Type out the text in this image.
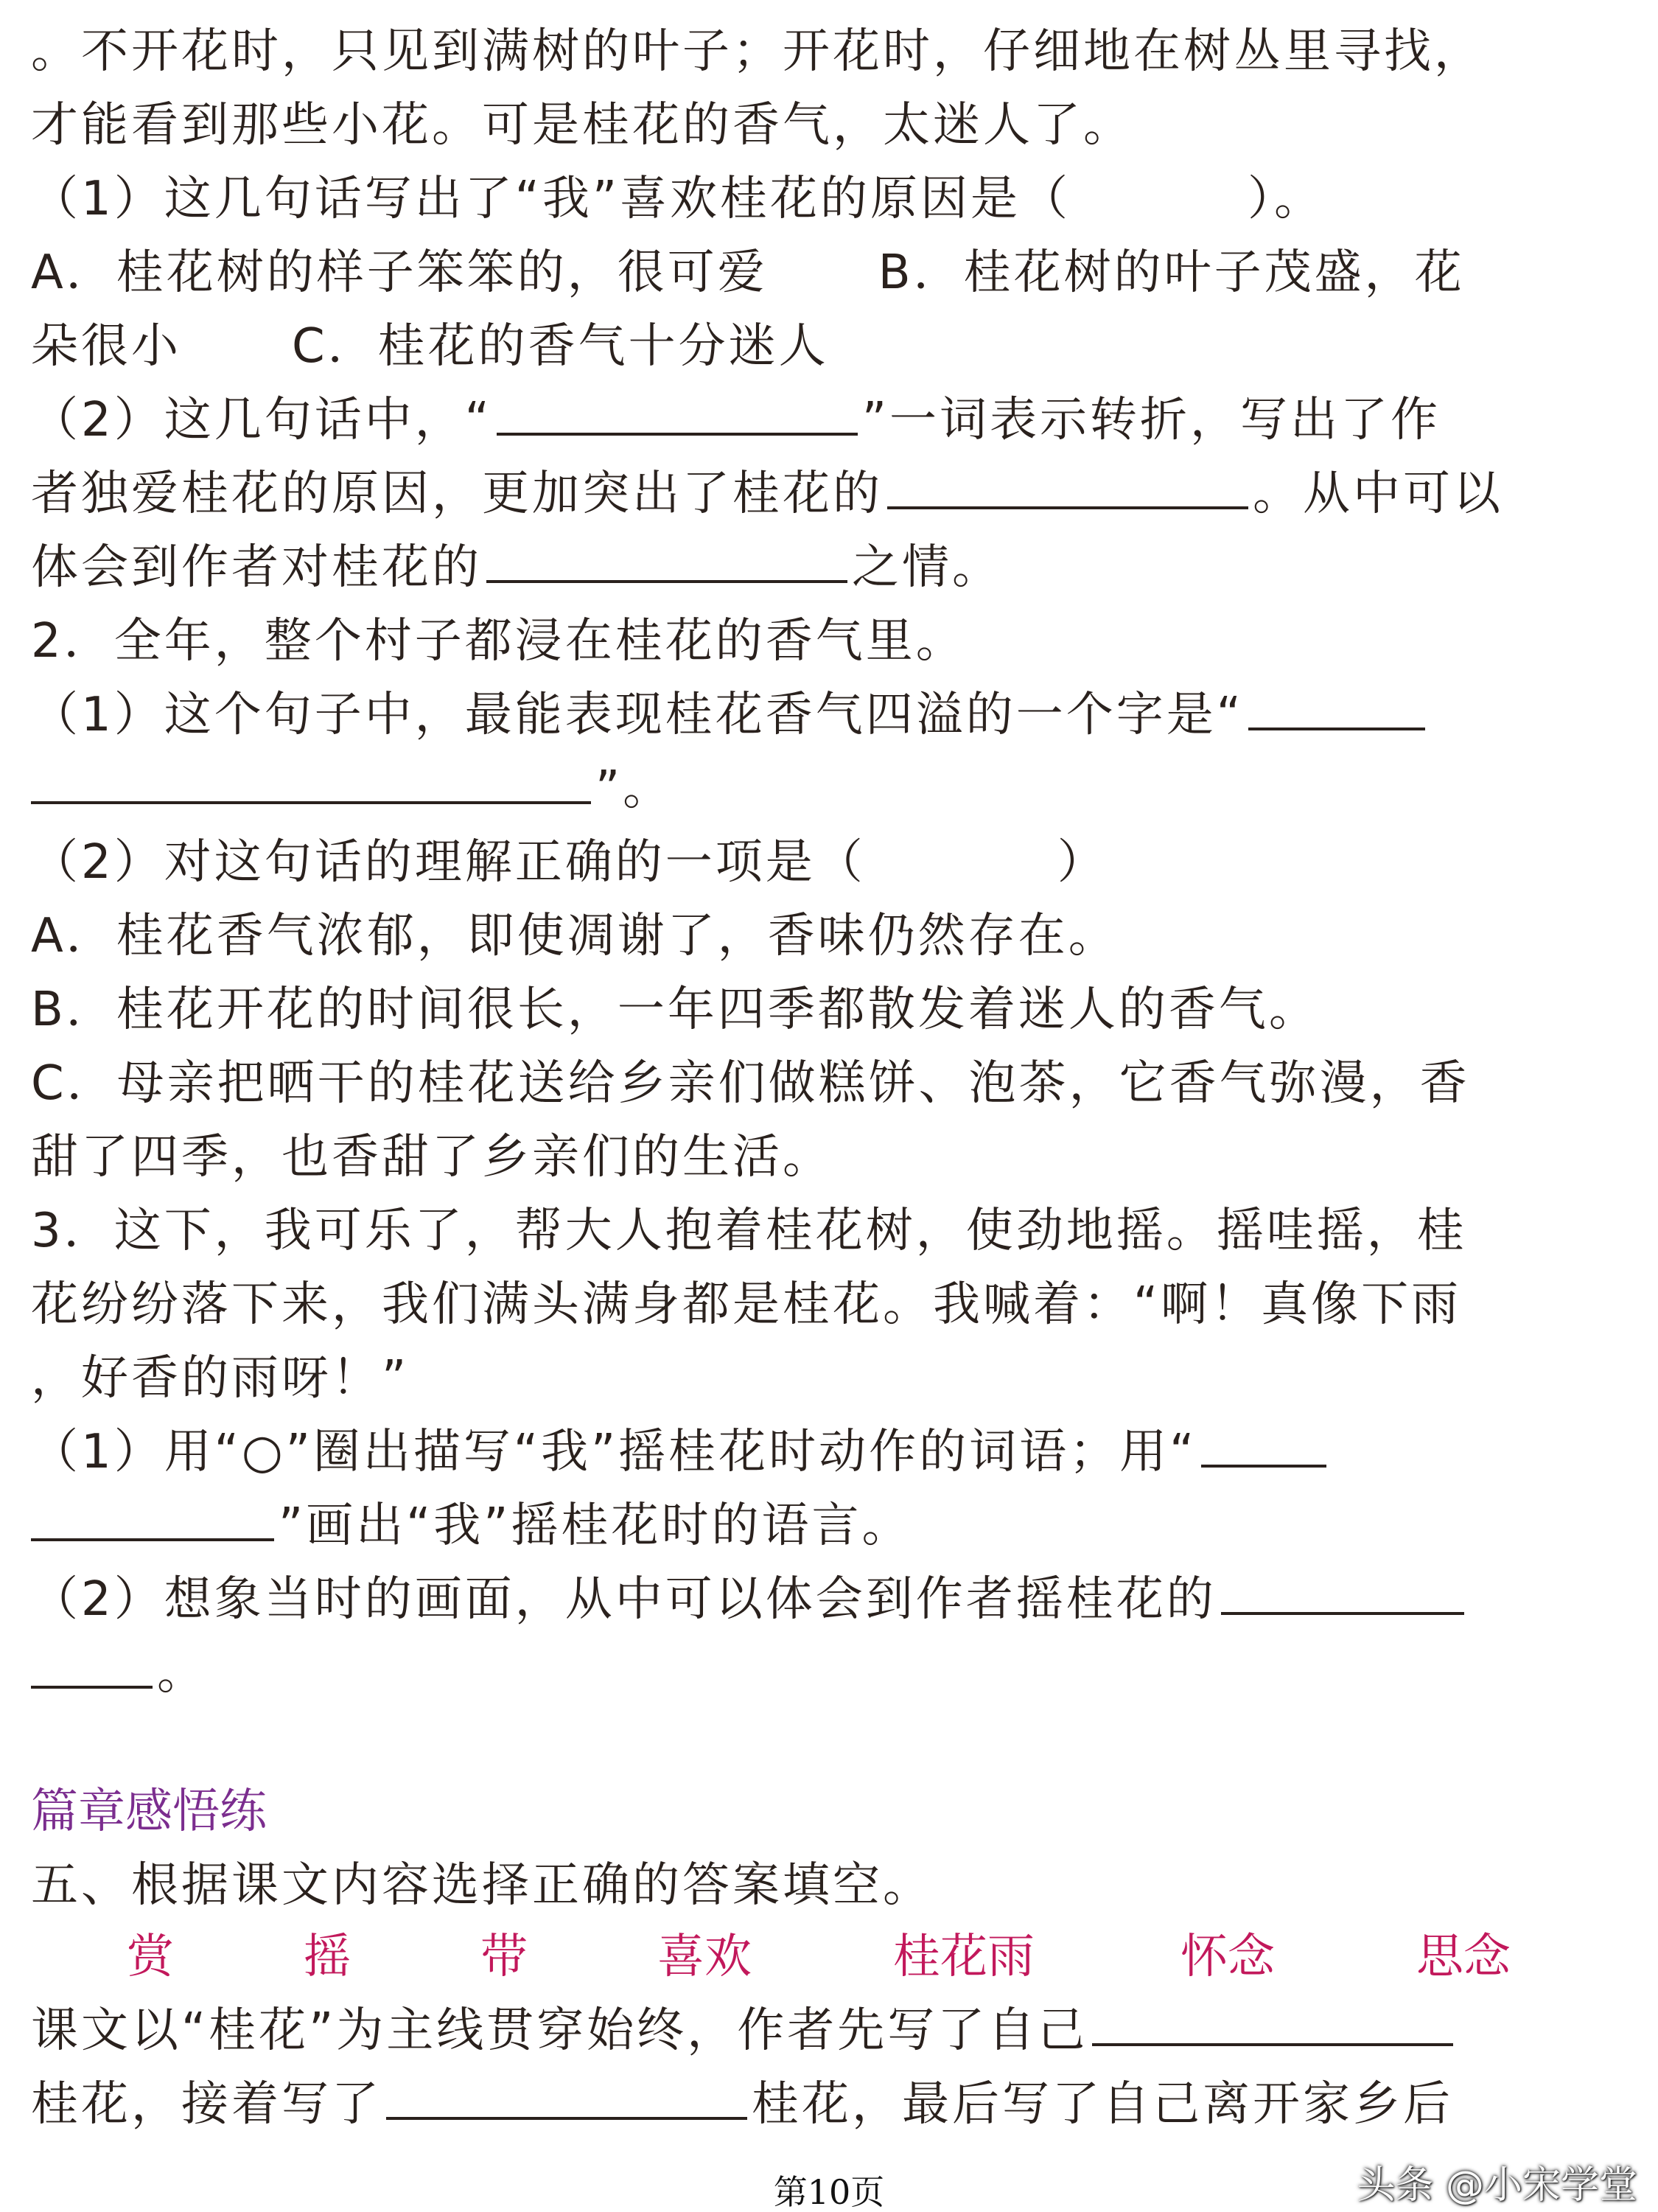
。不开花时，只见到满树的叶子；开花时，仔细地在树丛里寻找，
才能看到那些小花。可是桂花的香气，太迷人了。
（1）这几句话写出了“我”喜欢桂花的原因是（	）。
A．桂花树的样子笨笨的，很可爱 B．桂花树的叶子茂盛，花
朵很小 C．桂花的香气十分迷人
（2）这几句话中，“	”一词表示转折，写出了作
者独爱桂花的原因，更加突出了桂花的	。从中可以
体会到作者对桂花的	之情。
2．全年，整个村子都浸在桂花的香气里。
（1）这个句子中，最能表现桂花香气四溢的一个字是“
”。
（2）对这句话的理解正确的一项是（	）
A．桂花香气浓郁，即使凋谢了，香味仍然存在。
B．桂花开花的时间很长，一年四季都散发着迷人的香气。
C．母亲把晒干的桂花送给乡亲们做糕饼、泡茶，它香气弥漫，香
甜了四季，也香甜了乡亲们的生活。
3．这下，我可乐了，帮大人抱着桂花树，使劲地摇。摇哇摇，桂
花纷纷落下来，我们满头满身都是桂花。我喊着：“啊！真像下雨
，好香的雨呀！”
（1）用“○”圈出描写“我”摇桂花时动作的词语；用“
”画出“我”摇桂花时的语言。
（2）想象当时的画面，从中可以体会到作者摇桂花的
。
篇章感悟练
五、根据课文内容选择正确的答案填空。
赏	摇	带	喜欢	桂花雨	怀念	思念
课文以“桂花”为主线贯穿始终，作者先写了自己
桂花，接着写了	桂花，最后写了自己离开家乡后
第10页	头条 @小宋学堂
